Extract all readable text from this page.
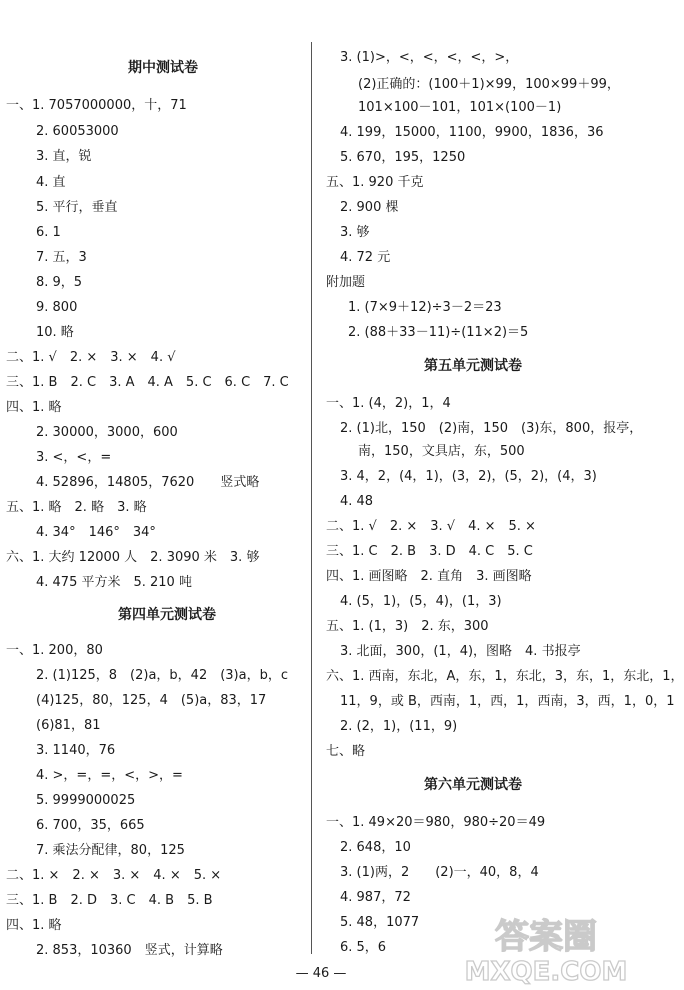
期中测试卷
一、1. 7057000000，十，71
2. 60053000
3. 直，锐
4. 直
5. 平行，垂直
6. 1
7. 五，3
8. 9，5
9. 800
10. 略
二、1. √　2. ×　3. ×　4. √
三、1. B　2. C　3. A　4. A　5. C　6. C　7. C
四、1. 略
2. 30000，3000，600
3. <，<，=
4. 52896，14805，7620　　竖式略
五、1. 略　2. 略　3. 略
4. 34°　146°　34°
六、1. 大约 12000 人　2. 3090 米　3. 够
4. 475 平方米　5. 210 吨
第四单元测试卷
一、1. 200，80
2. (1)125，8　(2)a，b，42　(3)a，b，c
(4)125，80，125，4　(5)a，83，17
(6)81，81
3. 1140，76
4. >，=，=，<，>，=
5. 9999000025
6. 700，35，665
7. 乘法分配律，80，125
二、1. ×　2. ×　3. ×　4. ×　5. ×
三、1. B　2. D　3. C　4. B　5. B
四、1. 略
2. 853，10360　竖式，计算略
3. (1)>，<，<，<，<，>，
(2)正确的：(100＋1)×99，100×99＋99，
101×100－101，101×(100－1)
4. 199，15000，1100，9900，1836，36
5. 670，195，1250
五、1. 920 千克
2. 900 棵
3. 够
4. 72 元
附加题
1. (7×9＋12)÷3－2＝23
2. (88＋33－11)÷(11×2)＝5
第五单元测试卷
一、1. (4，2)，1，4
2. (1)北，150　(2)南，150　(3)东，800，报亭，
南，150，文具店，东，500
3. 4，2，(4，1)，(3，2)，(5，2)，(4，3)
4. 48
二、1. √　2. ×　3. √　4. ×　5. ×
三、1. C　2. B　3. D　4. C　5. C
四、1. 画图略　2. 直角　3. 画图略
4. (5，1)，(5，4)，(1，3)
五、1. (1，3)　2. 东，300
3. 北面，300，(1，4)，图略　4. 书报亭
六、1. 西南，东北，A，东，1，东北，3，东，1，东北，1，
11，9，或 B，西南，1，西，1，西南，3，西，1，0，1
2. (2，1)，(11，9)
七、略
第六单元测试卷
一、1. 49×20＝980，980÷20＝49
2. 648，10
3. (1)两，2　　(2)一，40，8，4
4. 987，72
5. 48，1077
6. 5，6
— 46 —
答案圈
MXQE.COM
